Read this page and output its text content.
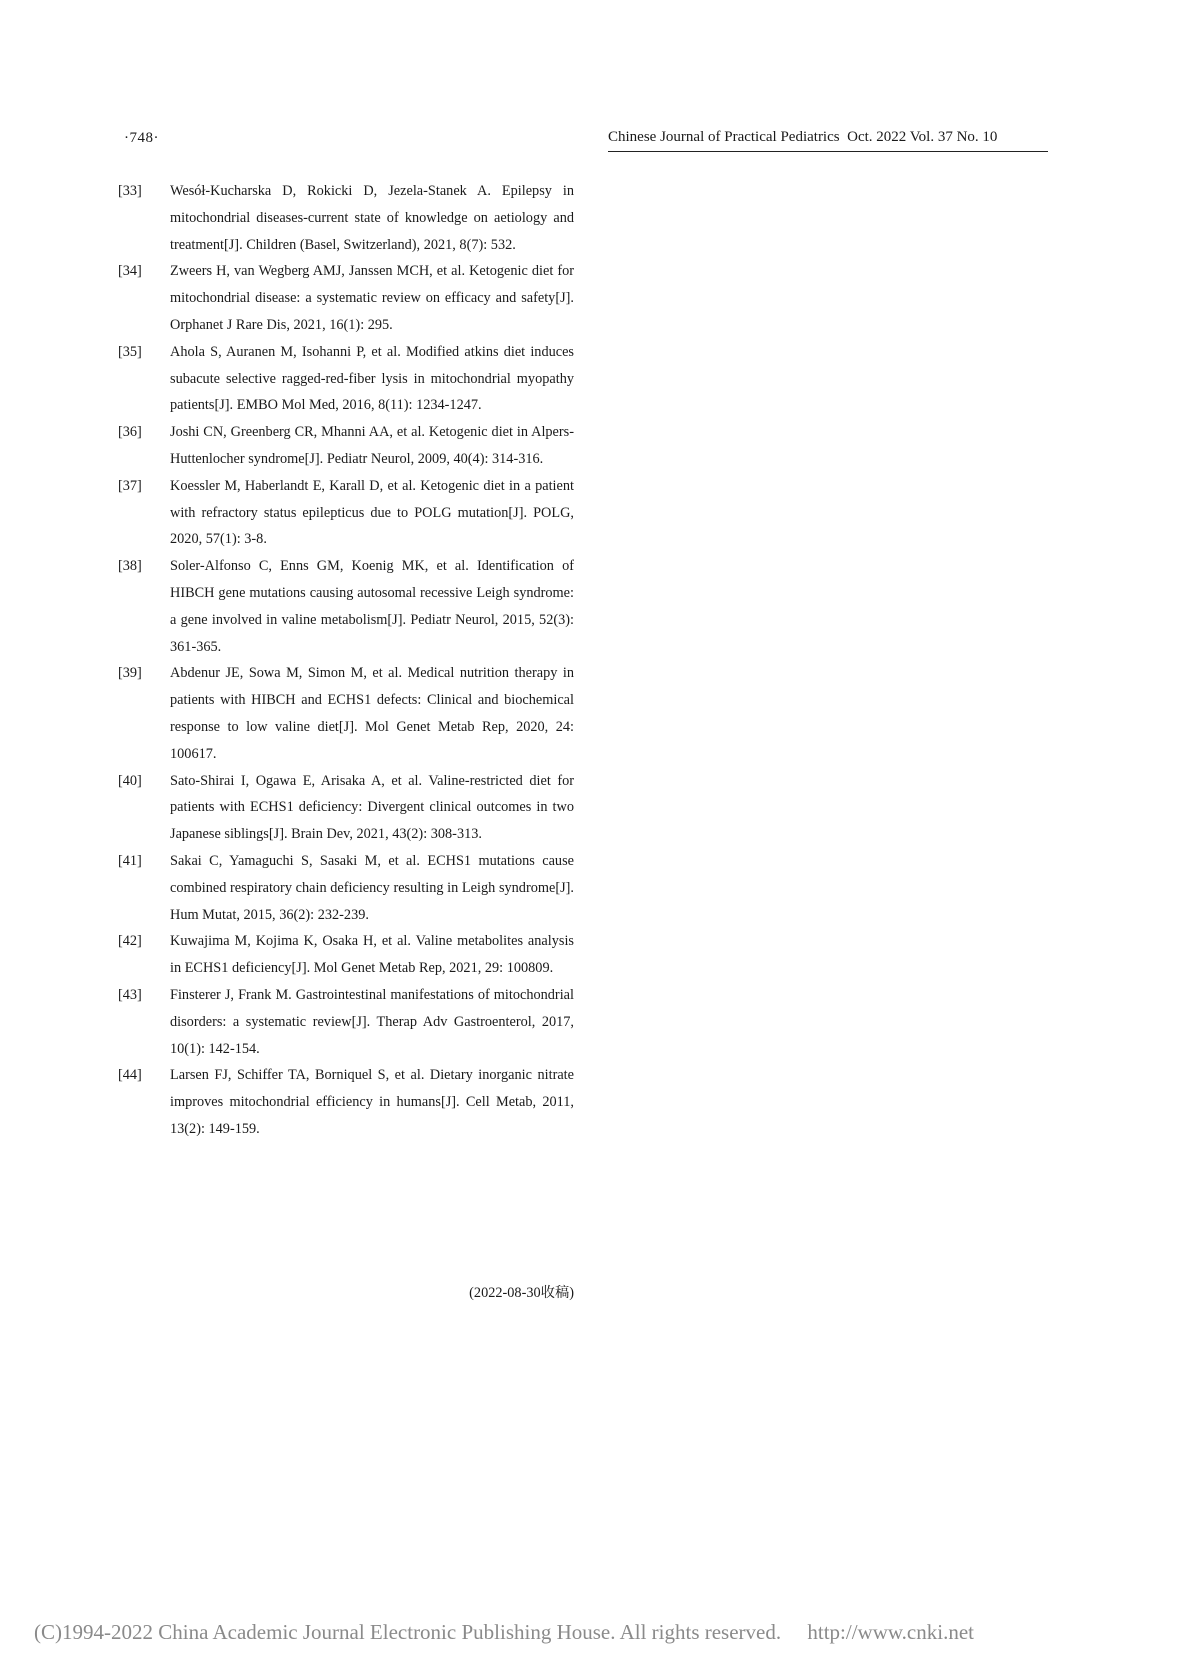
·748·	Chinese Journal of Practical Pediatrics Oct. 2022 Vol. 37 No. 10
[33] Wesół-Kucharska D, Rokicki D, Jezela-Stanek A. Epilepsy in mitochondrial diseases-current state of knowledge on aetiology and treatment[J]. Children (Basel, Switzerland), 2021, 8(7): 532.
[34] Zweers H, van Wegberg AMJ, Janssen MCH, et al. Ketogenic diet for mitochondrial disease: a systematic review on efficacy and safety[J]. Orphanet J Rare Dis, 2021, 16(1): 295.
[35] Ahola S, Auranen M, Isohanni P, et al. Modified atkins diet induces subacute selective ragged-red-fiber lysis in mitochondrial myopathy patients[J]. EMBO Mol Med, 2016, 8(11): 1234-1247.
[36] Joshi CN, Greenberg CR, Mhanni AA, et al. Ketogenic diet in Alpers-Huttenlocher syndrome[J]. Pediatr Neurol, 2009, 40(4): 314-316.
[37] Koessler M, Haberlandt E, Karall D, et al. Ketogenic diet in a patient with refractory status epilepticus due to POLG mutation[J]. POLG, 2020, 57(1): 3-8.
[38] Soler-Alfonso C, Enns GM, Koenig MK, et al. Identification of HIBCH gene mutations causing autosomal recessive Leigh syndrome: a gene involved in valine metabolism[J]. Pediatr Neurol, 2015, 52(3): 361-365.
[39] Abdenur JE, Sowa M, Simon M, et al. Medical nutrition therapy in patients with HIBCH and ECHS1 defects: Clinical and biochemical response to low valine diet[J]. Mol Genet Metab Rep, 2020, 24: 100617.
[40] Sato-Shirai I, Ogawa E, Arisaka A, et al. Valine-restricted diet for patients with ECHS1 deficiency: Divergent clinical outcomes in two Japanese siblings[J]. Brain Dev, 2021, 43(2): 308-313.
[41] Sakai C, Yamaguchi S, Sasaki M, et al. ECHS1 mutations cause combined respiratory chain deficiency resulting in Leigh syndrome[J]. Hum Mutat, 2015, 36(2): 232-239.
[42] Kuwajima M, Kojima K, Osaka H, et al. Valine metabolites analysis in ECHS1 deficiency[J]. Mol Genet Metab Rep, 2021, 29: 100809.
[43] Finsterer J, Frank M. Gastrointestinal manifestations of mitochondrial disorders: a systematic review[J]. Therap Adv Gastroenterol, 2017, 10(1): 142-154.
[44] Larsen FJ, Schiffer TA, Borniquel S, et al. Dietary inorganic nitrate improves mitochondrial efficiency in humans[J]. Cell Metab, 2011, 13(2): 149-159.
(2022-08-30收稿)
(C)1994-2022 China Academic Journal Electronic Publishing House. All rights reserved. http://www.cnki.net
